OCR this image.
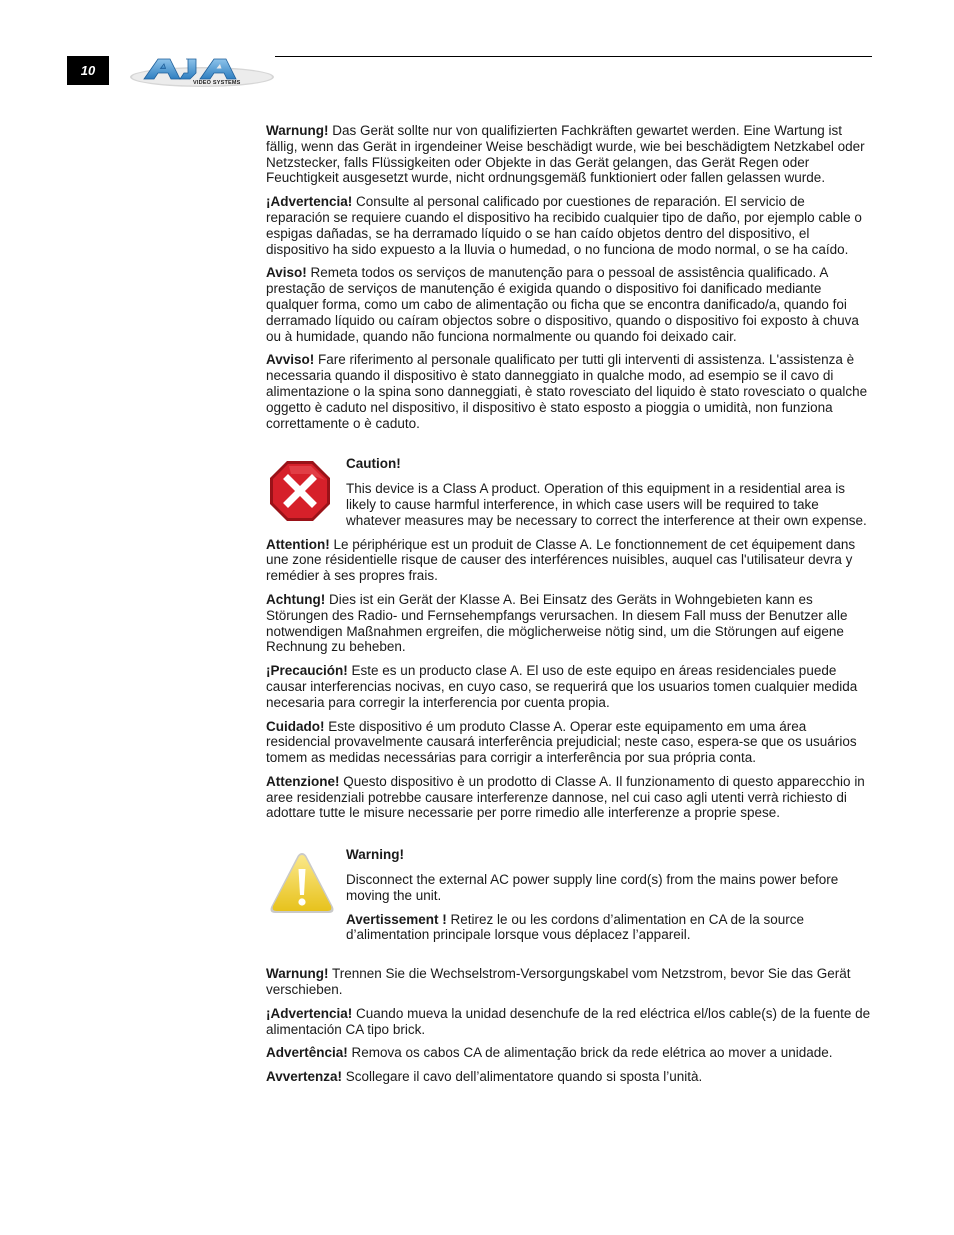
10
VIDEO SYSTEMS

Warnung! Das Gerät sollte nur von qualifizierten Fachkräften gewartet werden. Eine Wartung ist fällig, wenn das Gerät in irgendeiner Weise beschädigt wurde, wie bei beschädigtem Netzkabel oder Netzstecker, falls Flüssigkeiten oder Objekte in das Gerät gelangen, das Gerät Regen oder Feuchtigkeit ausgesetzt wurde, nicht ordnungsgemäß funktioniert oder fallen gelassen wurde.

¡Advertencia! Consulte al personal calificado por cuestiones de reparación. El servicio de reparación se requiere cuando el dispositivo ha recibido cualquier tipo de daño, por ejemplo cable o espigas dañadas, se ha derramado líquido o se han caído objetos dentro del dispositivo, el dispositivo ha sido expuesto a la lluvia o humedad, o no funciona de modo normal, o se ha caído.

Aviso! Remeta todos os serviços de manutenção para o pessoal de assistência qualificado. A prestação de serviços de manutenção é exigida quando o dispositivo foi danificado mediante qualquer forma, como um cabo de alimentação ou ficha que se encontra danificado/a, quando foi derramado líquido ou caíram objectos sobre o dispositivo, quando o dispositivo foi exposto à chuva ou à humidade, quando não funciona normalmente ou quando foi deixado cair.

Avviso! Fare riferimento al personale qualificato per tutti gli interventi di assistenza. L'assistenza è necessaria quando il dispositivo è stato danneggiato in qualche modo, ad esempio se il cavo di alimentazione o la spina sono danneggiati, è stato rovesciato del liquido è stato rovesciato o qualche oggetto è caduto nel dispositivo, il dispositivo è stato esposto a pioggia o umidità, non funziona correttamente o è caduto.

Caution!

This device is a Class A product. Operation of this equipment in a residential area is likely to cause harmful interference, in which case users will be required to take whatever measures may be necessary to correct the interference at their own expense.

Attention! Le périphérique est un produit de Classe A. Le fonctionnement de cet équipement dans une zone résidentielle risque de causer des interférences nuisibles, auquel cas l'utilisateur devra y remédier à ses propres frais.

Achtung! Dies ist ein Gerät der Klasse A. Bei Einsatz des Geräts in Wohngebieten kann es Störungen des Radio- und Fernsehempfangs verursachen. In diesem Fall muss der Benutzer alle notwendigen Maßnahmen ergreifen, die möglicherweise nötig sind, um die Störungen auf eigene Rechnung zu beheben.

¡Precaución! Este es un producto clase A. El uso de este equipo en áreas residenciales puede causar interferencias nocivas, en cuyo caso, se requerirá que los usuarios tomen cualquier medida necesaria para corregir la interferencia por cuenta propia.

Cuidado! Este dispositivo é um produto Classe A. Operar este equipamento em uma área residencial provavelmente causará interferência prejudicial; neste caso, espera-se que os usuários tomem as medidas necessárias para corrigir a interferência por sua própria conta.

Attenzione! Questo dispositivo è un prodotto di Classe A. Il funzionamento di questo apparecchio in aree residenziali potrebbe causare interferenze dannose, nel cui caso agli utenti verrà richiesto di adottare tutte le misure necessarie per porre rimedio alle interferenze a proprie spese.

Warning!

Disconnect the external AC power supply line cord(s) from the mains power before moving the unit.

Avertissement ! Retirez le ou les cordons d’alimentation en CA de la source d’alimentation principale lorsque vous déplacez l’appareil.

Warnung! Trennen Sie die Wechselstrom-Versorgungskabel vom Netzstrom, bevor Sie das Gerät verschieben.

¡Advertencia! Cuando mueva la unidad desenchufe de la red eléctrica el/los cable(s) de la fuente de alimentación CA tipo brick.

Advertência! Remova os cabos CA de alimentação brick da rede elétrica ao mover a unidade.

Avvertenza! Scollegare il cavo dell’alimentatore quando si sposta l’unità.
